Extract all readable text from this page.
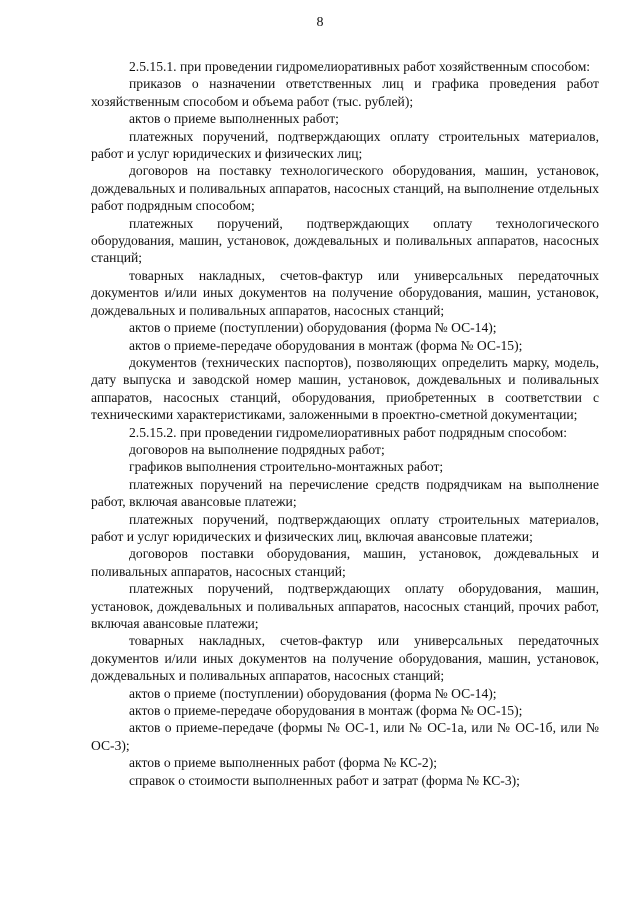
8

2.5.15.1. при проведении гидромелиоративных работ хозяйственным способом:

приказов о назначении ответственных лиц и графика проведения работ хозяйственным способом и объема работ (тыс. рублей);

актов о приеме выполненных работ;

платежных поручений, подтверждающих оплату строительных материалов, работ и услуг юридических и физических лиц;

договоров на поставку технологического оборудования, машин, установок, дождевальных и поливальных аппаратов, насосных станций, на выполнение отдельных работ подрядным способом;

платежных поручений, подтверждающих оплату технологического оборудования, машин, установок, дождевальных и поливальных аппаратов, насосных станций;

товарных накладных, счетов-фактур или универсальных передаточных документов и/или иных документов на получение оборудования, машин, установок, дождевальных и поливальных аппаратов, насосных станций;

актов о приеме (поступлении) оборудования (форма № ОС-14);

актов о приеме-передаче оборудования в монтаж (форма № ОС-15);

документов (технических паспортов), позволяющих определить марку, модель, дату выпуска и заводской номер машин, установок, дождевальных и поливальных аппаратов, насосных станций, оборудования, приобретенных в соответствии с техническими характеристиками, заложенными в проектно-сметной документации;

2.5.15.2. при проведении гидромелиоративных работ подрядным способом:

договоров на выполнение подрядных работ;

графиков выполнения строительно-монтажных работ;

платежных поручений на перечисление средств подрядчикам на выполнение работ, включая авансовые платежи;

платежных поручений, подтверждающих оплату строительных материалов, работ и услуг юридических и физических лиц, включая авансовые платежи;

договоров поставки оборудования, машин, установок, дождевальных и поливальных аппаратов, насосных станций;

платежных поручений, подтверждающих оплату оборудования, машин, установок, дождевальных и поливальных аппаратов, насосных станций, прочих работ, включая авансовые платежи;

товарных накладных, счетов-фактур или универсальных передаточных документов и/или иных документов на получение оборудования, машин, установок, дождевальных и поливальных аппаратов, насосных станций;

актов о приеме (поступлении) оборудования (форма № ОС-14);

актов о приеме-передаче оборудования в монтаж (форма № ОС-15);

актов о приеме-передаче (формы № ОС-1, или № ОС-1а, или № ОС-1б, или № ОС-3);

актов о приеме выполненных работ (форма № КС-2);

справок о стоимости выполненных работ и затрат (форма № КС-3);
